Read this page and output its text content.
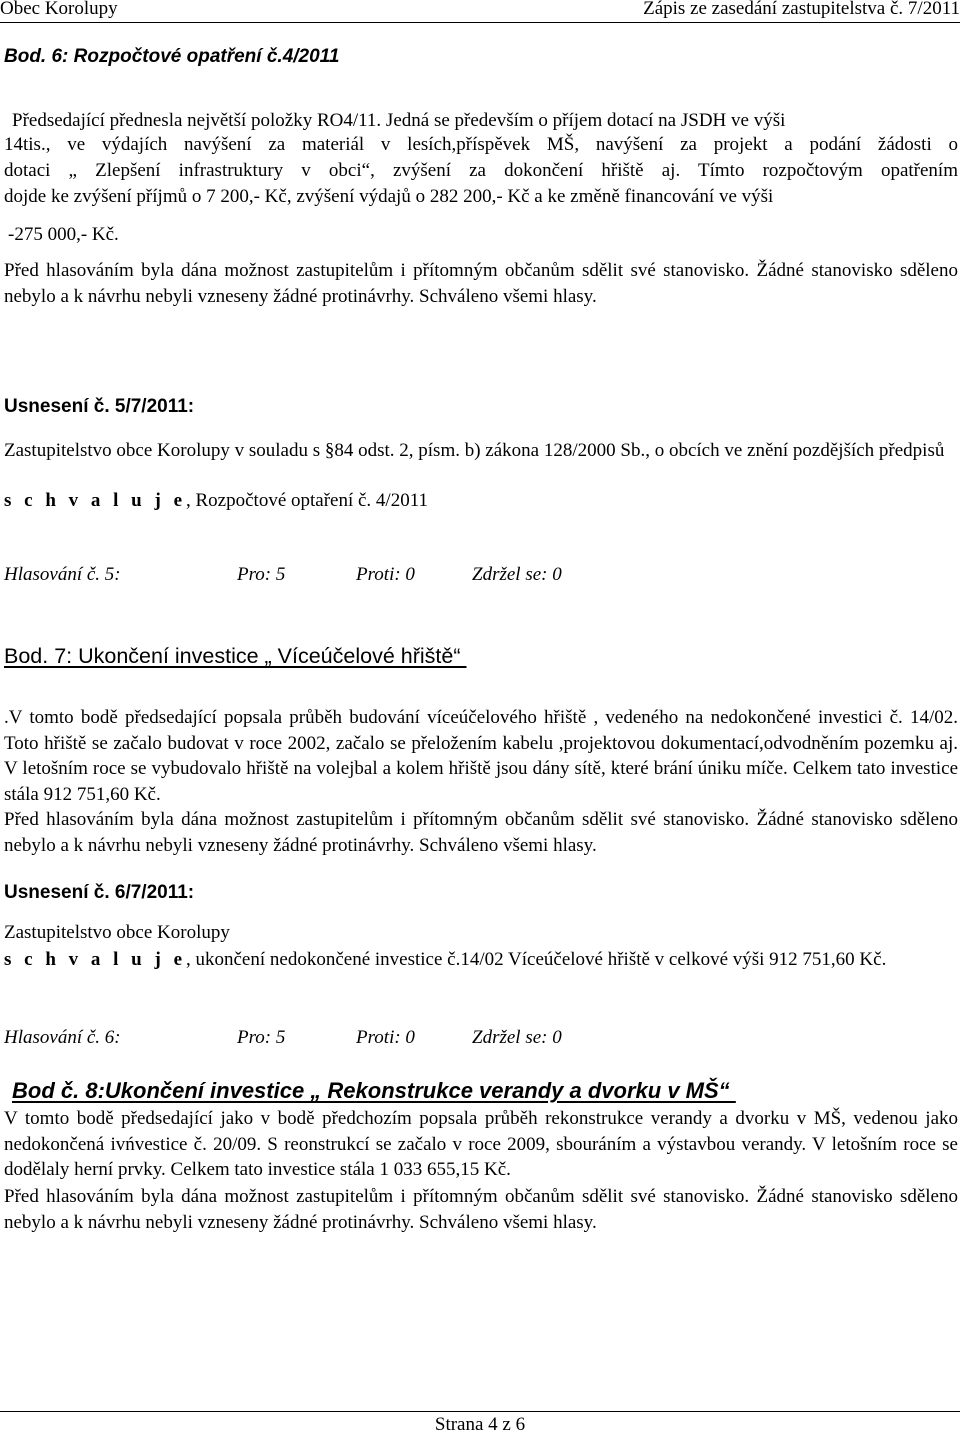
Obec Korolupy	Zápis ze zasedání zastupitelstva č. 7/2011
Bod. 6: Rozpočtové opatření č.4/2011
Předsedající přednesla největší položky RO4/11. Jedná se především o příjem dotací na JSDH ve výši
14tis., ve výdajích navýšení za materiál v lesích,příspěvek MŠ, navýšení za projekt a podání žádosti o
dotaci „ Zlepšení infrastruktury v obci“, zvýšení za dokončení hřiště aj. Tímto rozpočtovým opatřením
dojde ke zvýšení příjmů o 7 200,- Kč, zvýšení výdajů o 282 200,- Kč a ke změně financování ve výši
-275 000,- Kč.
Před hlasováním byla dána možnost zastupitelům i přítomným občanům sdělit své stanovisko. Žádné stanovisko sděleno nebylo a k návrhu nebyli vzneseny žádné protinávrhy. Schváleno všemi hlasy.
Usnesení č. 5/7/2011:
Zastupitelstvo obce Korolupy v souladu s §84 odst. 2, písm. b) zákona 128/2000 Sb., o obcích ve znění pozdějších předpisů
s c h v a l u j e, Rozpočtové optaření č. 4/2011
Hlasování č. 5:	Pro: 5	Proti: 0	Zdržel se: 0
Bod. 7: Ukončení investice „ Víceúčelové hřiště“
.V tomto bodě předsedající popsala průběh budování víceúčelového hřiště , vedeného na nedokončené investici č. 14/02. Toto hřiště se začalo budovat v roce 2002, začalo se přeložením kabelu ,projektovou dokumentací,odvodněním pozemku aj. V letošním roce se vybudovalo hřiště na volejbal a kolem hřiště jsou dány sítě, které brání úniku míče. Celkem tato investice stála 912 751,60 Kč.
Před hlasováním byla dána možnost zastupitelům i přítomným občanům sdělit své stanovisko. Žádné stanovisko sděleno nebylo a k návrhu nebyli vzneseny žádné protinávrhy. Schváleno všemi hlasy.
Usnesení č. 6/7/2011:
Zastupitelstvo obce Korolupy
s c h v a l u j e, ukončení nedokončené investice č.14/02 Víceúčelové hřiště v celkové výši 912 751,60 Kč.
Hlasování č. 6:	Pro: 5	Proti: 0	Zdržel se: 0
Bod č. 8:Ukončení investice „ Rekonstrukce verandy a dvorku v MŠ“
V tomto bodě předsedající jako v bodě předchozím popsala průběh rekonstrukce verandy a dvorku v MŠ, vedenou jako nedokončená ivńvestice č. 20/09. S reonstrukcí se začalo v roce 2009, sbouráním a výstavbou verandy. V letošním roce se dodělaly herní prvky. Celkem tato investice stála 1 033 655,15 Kč.
Před hlasováním byla dána možnost zastupitelům i přítomným občanům sdělit své stanovisko. Žádné stanovisko sděleno nebylo a k návrhu nebyli vzneseny žádné protinávrhy. Schváleno všemi hlasy.
Strana 4 z 6
